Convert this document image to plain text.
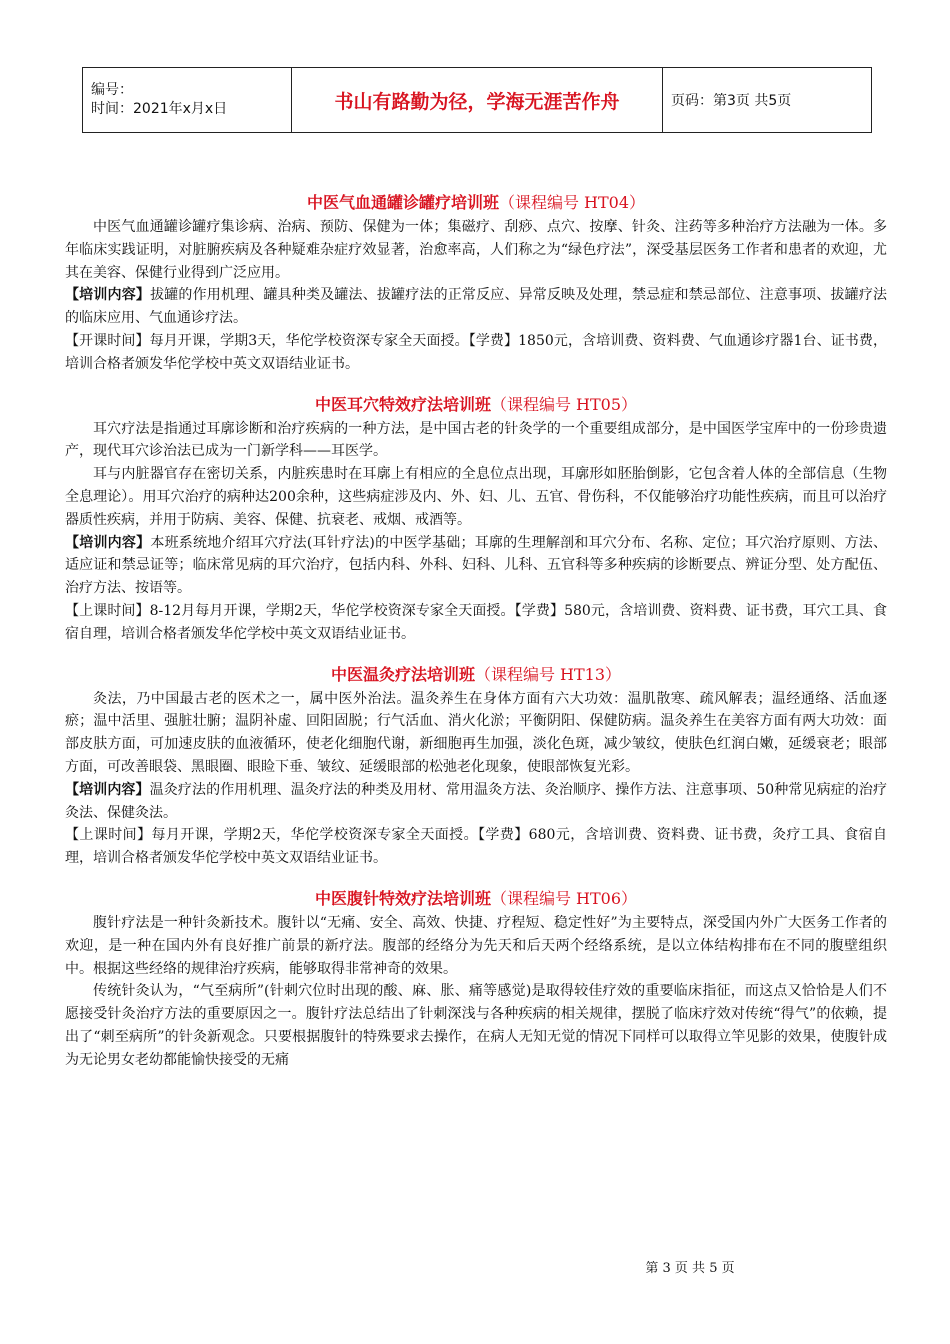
编号：
时间：2021年x月x日	书山有路勤为径，学海无涯苦作舟	页码：第3页 共5页
中医气血通罐诊罐疗培训班（课程编号 HT04）

中医气血通罐诊罐疗集诊病、治病、预防、保健为一体；集磁疗、刮痧、点穴、按摩、针灸、注药等多种治疗方法融为一体。多年临床实践证明，对脏腑疾病及各种疑难杂症疗效显著，治愈率高，人们称之为“绿色疗法”，深受基层医务工作者和患者的欢迎，尤其在美容、保健行业得到广泛应用。

【培训内容】拔罐的作用机理、罐具种类及罐法、拔罐疗法的正常反应、异常反映及处理，禁忌症和禁忌部位、注意事项、拔罐疗法的临床应用、气血通诊疗法。

【开课时间】每月开课，学期3天，华佗学校资深专家全天面授。【学费】1850元，含培训费、资料费、气血通诊疗器1台、证书费，培训合格者颁发华佗学校中英文双语结业证书。

中医耳穴特效疗法培训班（课程编号 HT05）

耳穴疗法是指通过耳廓诊断和治疗疾病的一种方法，是中国古老的针灸学的一个重要组成部分，是中国医学宝库中的一份珍贵遗产，现代耳穴诊治法已成为一门新学科——耳医学。

耳与内脏器官存在密切关系，内脏疾患时在耳廓上有相应的全息位点出现，耳廓形如胚胎倒影，它包含着人体的全部信息（生物全息理论）。用耳穴治疗的病种达200余种，这些病症涉及内、外、妇、儿、五官、骨伤科，不仅能够治疗功能性疾病，而且可以治疗器质性疾病，并用于防病、美容、保健、抗衰老、戒烟、戒酒等。

【培训内容】本班系统地介绍耳穴疗法(耳针疗法)的中医学基础；耳廓的生理解剖和耳穴分布、名称、定位；耳穴治疗原则、方法、适应证和禁忌证等；临床常见病的耳穴治疗，包括内科、外科、妇科、儿科、五官科等多种疾病的诊断要点、辨证分型、处方配伍、治疗方法、按语等。

【上课时间】8-12月每月开课，学期2天，华佗学校资深专家全天面授。【学费】580元，含培训费、资料费、证书费，耳穴工具、食宿自理，培训合格者颁发华佗学校中英文双语结业证书。

中医温灸疗法培训班（课程编号 HT13）

灸法，乃中国最古老的医术之一，属中医外治法。温灸养生在身体方面有六大功效：温肌散寒、疏风解表；温经通络、活血逐瘀；温中活里、强脏壮腑；温阴补虚、回阳固脱；行气活血、消火化淤；平衡阴阳、保健防病。温灸养生在美容方面有两大功效：面部皮肤方面，可加速皮肤的血液循环，使老化细胞代谢，新细胞再生加强，淡化色斑，减少皱纹，使肤色红润白嫩，延缓衰老；眼部方面，可改善眼袋、黑眼圈、眼睑下垂、皱纹、延缓眼部的松弛老化现象，使眼部恢复光彩。

【培训内容】温灸疗法的作用机理、温灸疗法的种类及用材、常用温灸方法、灸治顺序、操作方法、注意事项、50种常见病症的治疗灸法、保健灸法。

【上课时间】每月开课，学期2天，华佗学校资深专家全天面授。【学费】680元，含培训费、资料费、证书费，灸疗工具、食宿自理，培训合格者颁发华佗学校中英文双语结业证书。

中医腹针特效疗法培训班（课程编号 HT06）

腹针疗法是一种针灸新技术。腹针以“无痛、安全、高效、快捷、疗程短、稳定性好”为主要特点，深受国内外广大医务工作者的欢迎，是一种在国内外有良好推广前景的新疗法。腹部的经络分为先天和后天两个经络系统，是以立体结构排布在不同的腹壁组织中。根据这些经络的规律治疗疾病，能够取得非常神奇的效果。

传统针灸认为，“气至病所”(针刺穴位时出现的酸、麻、胀、痛等感觉)是取得较佳疗效的重要临床指征，而这点又恰恰是人们不愿接受针灸治疗方法的重要原因之一。腹针疗法总结出了针刺深浅与各种疾病的相关规律，摆脱了临床疗效对传统“得气”的依赖，提出了“刺至病所”的针灸新观念。只要根据腹针的特殊要求去操作，在病人无知无觉的情况下同样可以取得立竿见影的效果，使腹针成为无论男女老幼都能愉快接受的无痛

第 3 页 共 5 页
